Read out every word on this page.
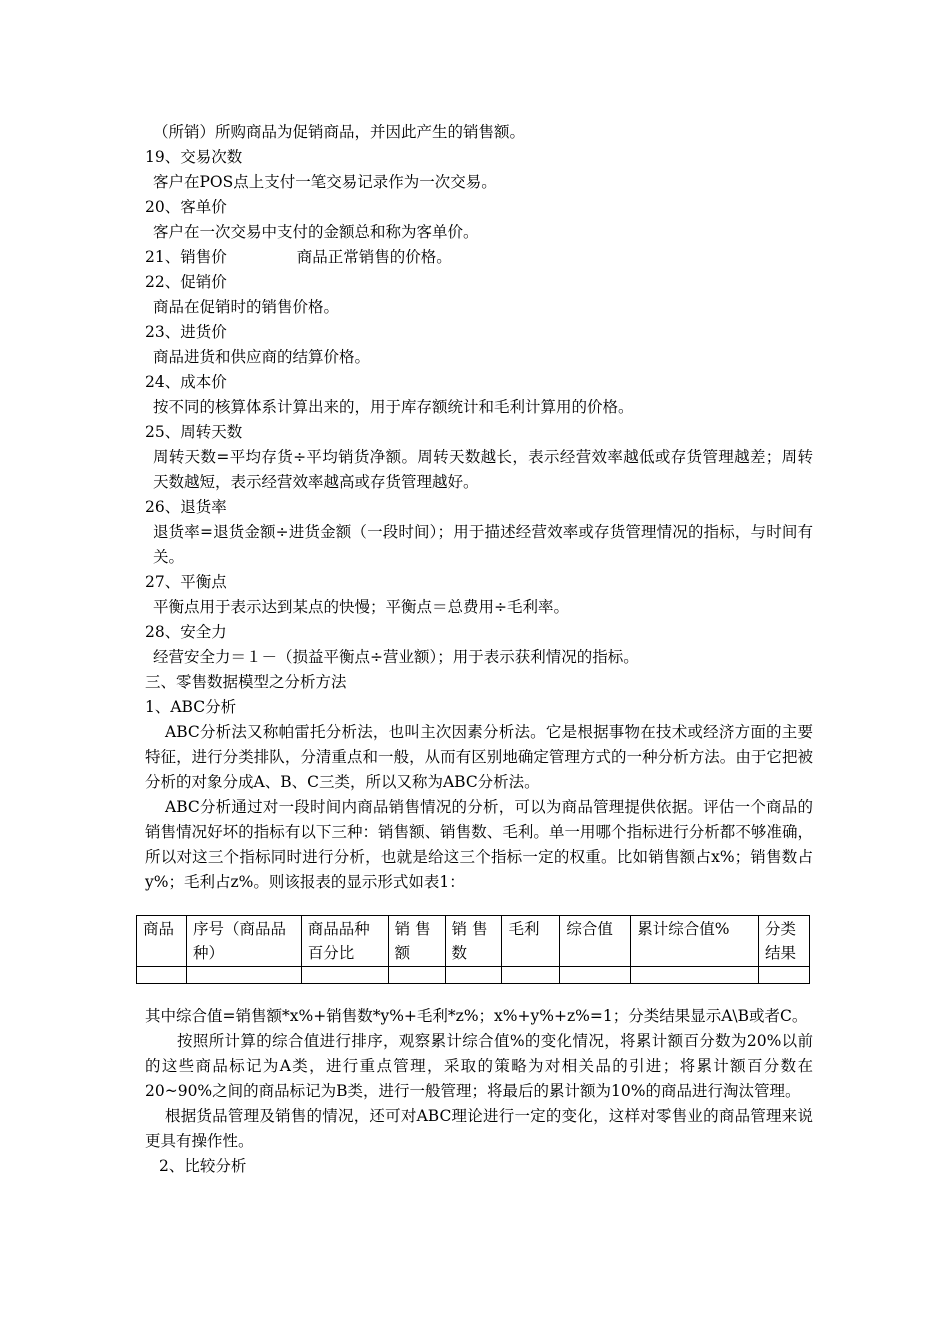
（所销）所购商品为促销商品，并因此产生的销售额。
19、交易次数
客户在POS点上支付一笔交易记录作为一次交易。
20、客单价
客户在一次交易中支付的金额总和称为客单价。
21、销售价	商品正常销售的价格。
22、促销价
商品在促销时的销售价格。
23、进货价
商品进货和供应商的结算价格。
24、成本价
按不同的核算体系计算出来的，用于库存额统计和毛利计算用的价格。
25、周转天数
周转天数=平均存货÷平均销货净额。周转天数越长，表示经营效率越低或存货管理越差；周转天数越短，表示经营效率越高或存货管理越好。
26、退货率
退货率=退货金额÷进货金额（一段时间）；用于描述经营效率或存货管理情况的指标，与时间有关。
27、平衡点
平衡点用于表示达到某点的快慢；平衡点＝总费用÷毛利率。
28、安全力
经营安全力＝１－（损益平衡点÷营业额）；用于表示获利情况的指标。
三、零售数据模型之分析方法
1、ABC分析
ABC分析法又称帕雷托分析法，也叫主次因素分析法。它是根据事物在技术或经济方面的主要特征，进行分类排队，分清重点和一般，从而有区别地确定管理方式的一种分析方法。由于它把被分析的对象分成A、B、C三类，所以又称为ABC分析法。
ABC分析通过对一段时间内商品销售情况的分析，可以为商品管理提供依据。评估一个商品的销售情况好坏的指标有以下三种：销售额、销售数、毛利。单一用哪个指标进行分析都不够准确，所以对这三个指标同时进行分析，也就是给这三个指标一定的权重。比如销售额占x%；销售数占y%；毛利占z%。则该报表的显示形式如表1：
商品	序号（商品品种）	商品品种百分比	销 售额	销 售数	毛利	综合值	累计综合值%	分类结果

其中综合值=销售额*x%+销售数*y%+毛利*z%；x%+y%+z%=1；分类结果显示A\B或者C。
按照所计算的综合值进行排序，观察累计综合值%的变化情况，将累计额百分数为20%以前的这些商品标记为A类，进行重点管理，采取的策略为对相关品的引进；将累计额百分数在20~90%之间的商品标记为B类，进行一般管理；将最后的累计额为10%的商品进行淘汰管理。
根据货品管理及销售的情况，还可对ABC理论进行一定的变化，这样对零售业的商品管理来说更具有操作性。
2、比较分析
